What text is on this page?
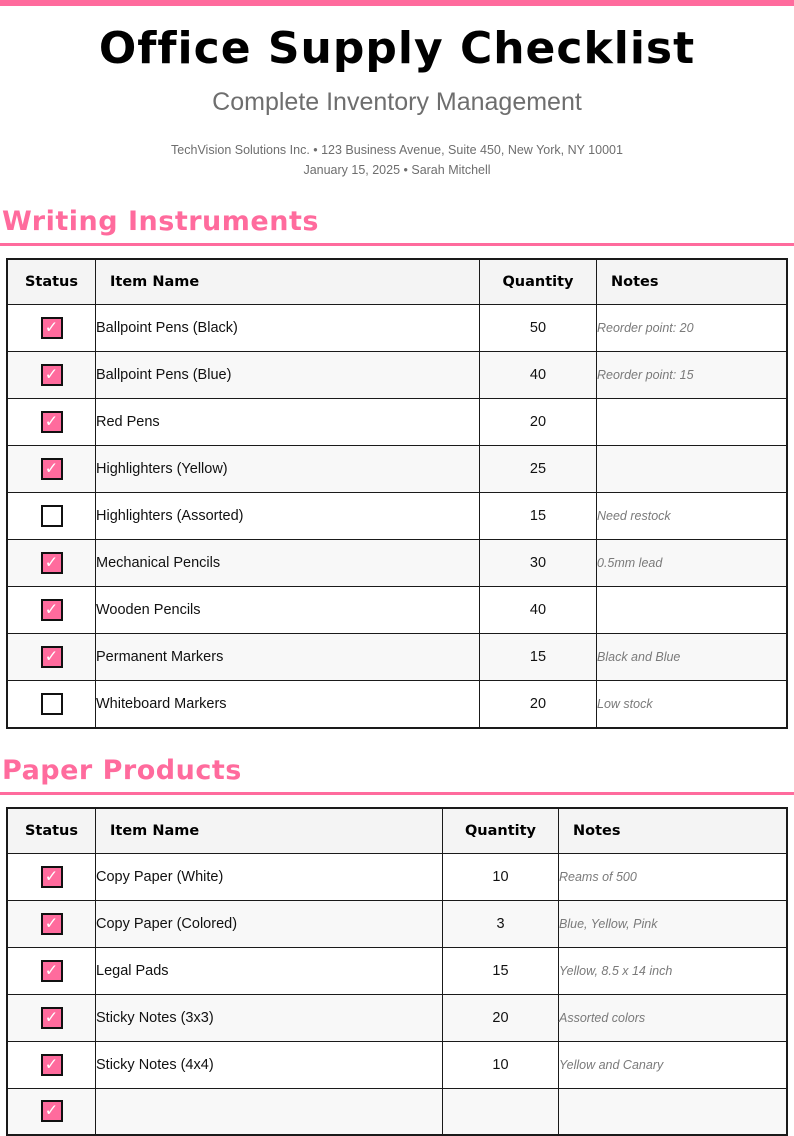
Office Supply Checklist
Complete Inventory Management
TechVision Solutions Inc. • 123 Business Avenue, Suite 450, New York, NY 10001
January 15, 2025 • Sarah Mitchell
Writing Instruments
Status	Item Name	Quantity	Notes
✓	Ballpoint Pens (Black)	50	Reorder point: 20
✓	Ballpoint Pens (Blue)	40	Reorder point: 15
✓	Red Pens	20	
✓	Highlighters (Yellow)	25	
	Highlighters (Assorted)	15	Need restock
✓	Mechanical Pencils	30	0.5mm lead
✓	Wooden Pencils	40	
✓	Permanent Markers	15	Black and Blue
	Whiteboard Markers	20	Low stock
Paper Products
Status	Item Name	Quantity	Notes
✓	Copy Paper (White)	10	Reams of 500
✓	Copy Paper (Colored)	3	Blue, Yellow, Pink
✓	Legal Pads	15	Yellow, 8.5 x 14 inch
✓	Sticky Notes (3x3)	20	Assorted colors
✓	Sticky Notes (4x4)	10	Yellow and Canary
✓			
